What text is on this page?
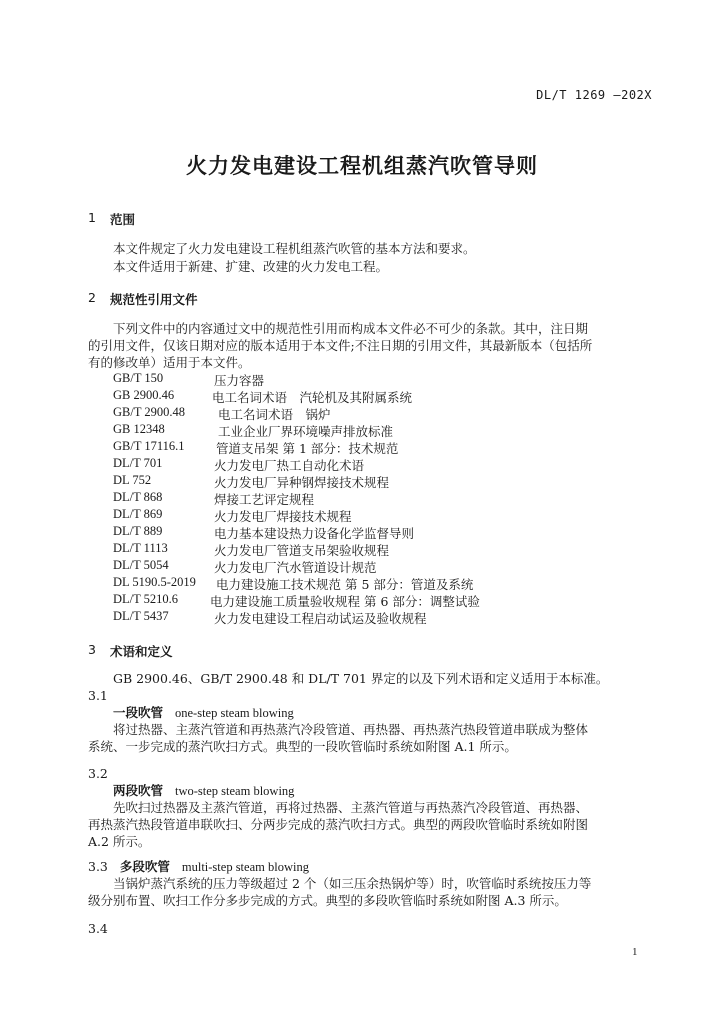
DL/T 1269 —202X
火力发电建设工程机组蒸汽吹管导则
1 范围
本文件规定了火力发电建设工程机组蒸汽吹管的基本方法和要求。
本文件适用于新建、扩建、改建的火力发电工程。
2 规范性引用文件
下列文件中的内容通过文中的规范性引用而构成本文件必不可少的条款。其中，注日期
的引用文件，仅该日期对应的版本适用于本文件;不注日期的引用文件，其最新版本（包括所
有的修改单）适用于本文件。
GB/T 150	压力容器
GB 2900.46	电工名词术语　汽轮机及其附属系统
GB/T 2900.48	电工名词术语　锅炉
GB 12348	工业企业厂界环境噪声排放标准
GB/T 17116.1	管道支吊架 第 1 部分：技术规范
DL/T 701	火力发电厂热工自动化术语
DL 752	火力发电厂异种钢焊接技术规程
DL/T 868	焊接工艺评定规程
DL/T 869	火力发电厂焊接技术规程
DL/T 889	电力基本建设热力设备化学监督导则
DL/T 1113	火力发电厂管道支吊架验收规程
DL/T 5054	火力发电厂汽水管道设计规范
DL 5190.5-2019 电力建设施工技术规范 第 5 部分：管道及系统
DL/T 5210.6	电力建设施工质量验收规程 第 6 部分：调整试验
DL/T 5437	火力发电建设工程启动试运及验收规程
3 术语和定义
GB 2900.46、GB/T 2900.48 和 DL/T 701 界定的以及下列术语和定义适用于本标准。
3.1
一段吹管 one-step steam blowing
将过热器、主蒸汽管道和再热蒸汽冷段管道、再热器、再热蒸汽热段管道串联成为整体
系统、一步完成的蒸汽吹扫方式。典型的一段吹管临时系统如附图 A.1 所示。
3.2
两段吹管 two-step steam blowing
先吹扫过热器及主蒸汽管道，再将过热器、主蒸汽管道与再热蒸汽冷段管道、再热器、
再热蒸汽热段管道串联吹扫、分两步完成的蒸汽吹扫方式。典型的两段吹管临时系统如附图
A.2 所示。
3.3 多段吹管 multi-step steam blowing
当锅炉蒸汽系统的压力等级超过 2 个（如三压余热锅炉等）时，吹管临时系统按压力等
级分别布置、吹扫工作分多步完成的方式。典型的多段吹管临时系统如附图 A.3 所示。
3.4
1
